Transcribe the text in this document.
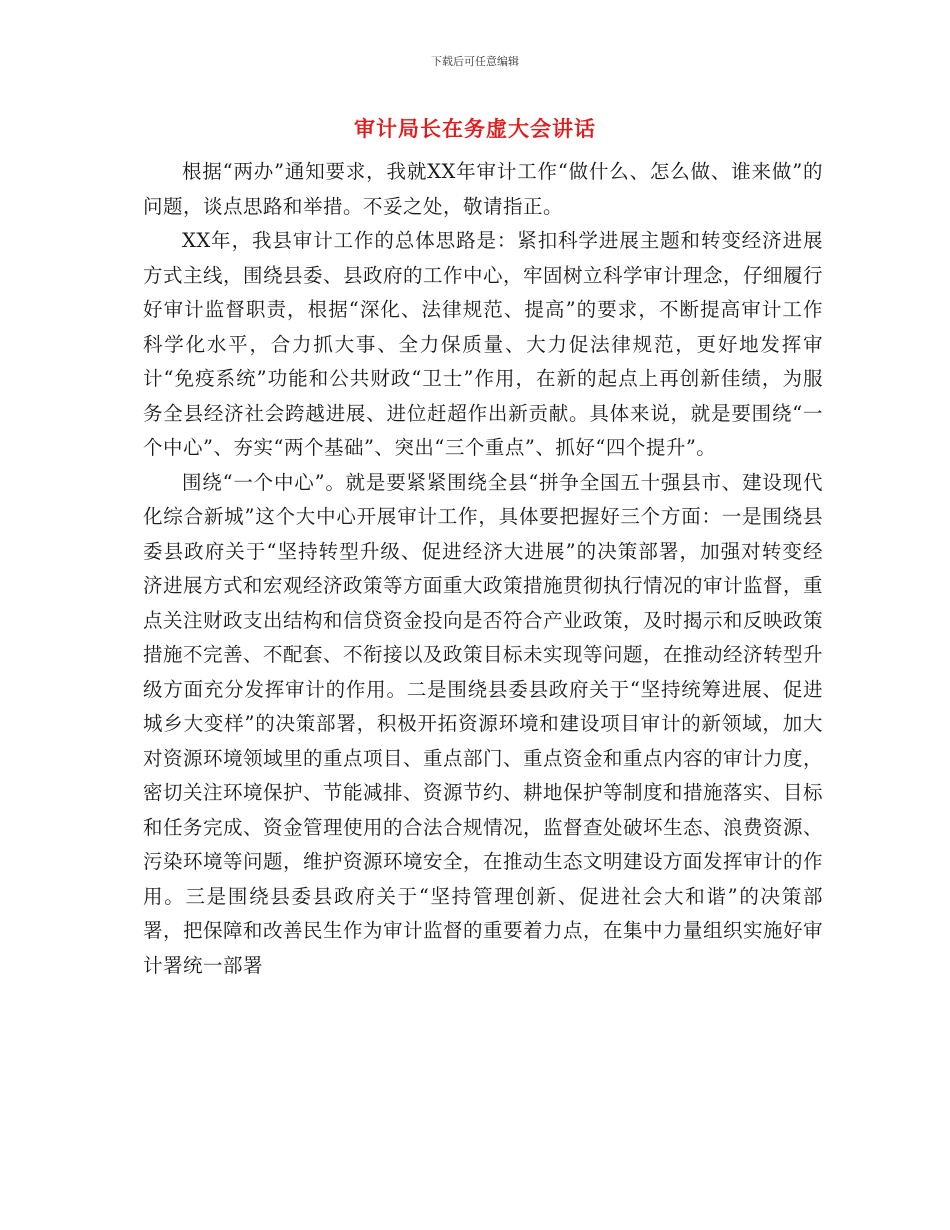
下载后可任意编辑
审计局长在务虚大会讲话

根据“两办”通知要求，我就XX年审计工作“做什么、怎么做、谁来做”的问题，谈点思路和举措。不妥之处，敬请指正。

XX年，我县审计工作的总体思路是：紧扣科学进展主题和转变经济进展方式主线，围绕县委、县政府的工作中心，牢固树立科学审计理念，仔细履行好审计监督职责，根据“深化、法律规范、提高”的要求，不断提高审计工作科学化水平，合力抓大事、全力保质量、大力促法律规范，更好地发挥审计“免疫系统”功能和公共财政“卫士”作用，在新的起点上再创新佳绩，为服务全县经济社会跨越进展、进位赶超作出新贡献。具体来说，就是要围绕“一个中心”、夯实“两个基础”、突出“三个重点”、抓好“四个提升”。

围绕“一个中心”。就是要紧紧围绕全县“拼争全国五十强县市、建设现代化综合新城”这个大中心开展审计工作，具体要把握好三个方面：一是围绕县委县政府关于“坚持转型升级、促进经济大进展”的决策部署，加强对转变经济进展方式和宏观经济政策等方面重大政策措施贯彻执行情况的审计监督，重点关注财政支出结构和信贷资金投向是否符合产业政策，及时揭示和反映政策措施不完善、不配套、不衔接以及政策目标未实现等问题，在推动经济转型升级方面充分发挥审计的作用。二是围绕县委县政府关于“坚持统筹进展、促进城乡大变样”的决策部署，积极开拓资源环境和建设项目审计的新领域，加大对资源环境领域里的重点项目、重点部门、重点资金和重点内容的审计力度，密切关注环境保护、节能减排、资源节约、耕地保护等制度和措施落实、目标和任务完成、资金管理使用的合法合规情况，监督查处破坏生态、浪费资源、污染环境等问题，维护资源环境安全，在推动生态文明建设方面发挥审计的作用。三是围绕县委县政府关于“坚持管理创新、促进社会大和谐”的决策部署，把保障和改善民生作为审计监督的重要着力点，在集中力量组织实施好审计署统一部署
